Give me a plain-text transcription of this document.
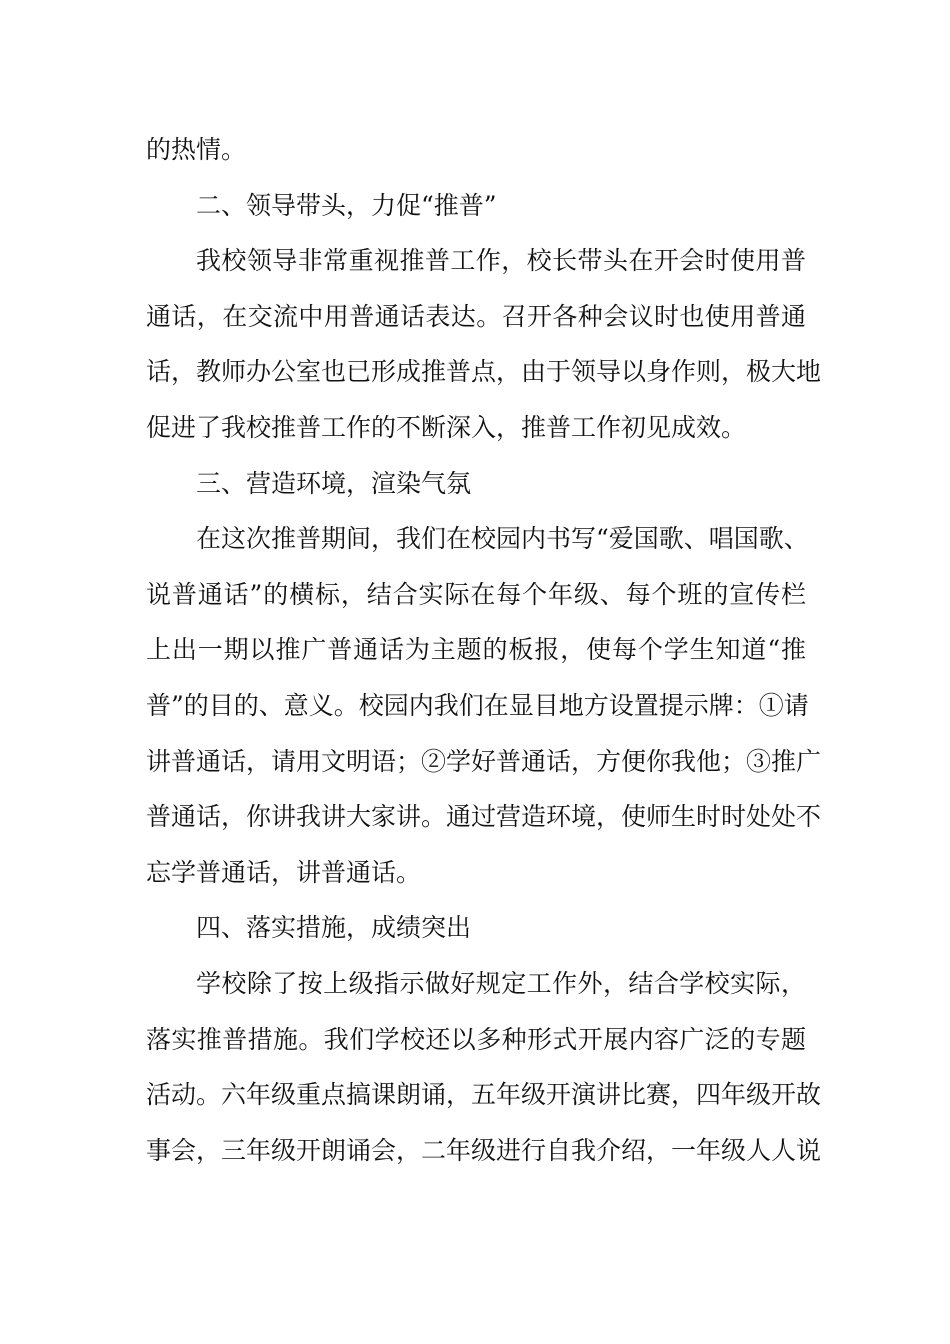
的热情。
二、领导带头，力促“推普”
我校领导非常重视推普工作，校长带头在开会时使用普
通话，在交流中用普通话表达。召开各种会议时也使用普通
话，教师办公室也已形成推普点，由于领导以身作则，极大地
促进了我校推普工作的不断深入，推普工作初见成效。
三、营造环境，渲染气氛
在这次推普期间，我们在校园内书写“爱国歌、唱国歌、
说普通话”的横标，结合实际在每个年级、每个班的宣传栏
上出一期以推广普通话为主题的板报，使每个学生知道“推
普”的目的、意义。校园内我们在显目地方设置提示牌：①请
讲普通话，请用文明语；②学好普通话，方便你我他；③推广
普通话，你讲我讲大家讲。通过营造环境，使师生时时处处不
忘学普通话，讲普通话。
四、落实措施，成绩突出
学校除了按上级指示做好规定工作外，结合学校实际，
落实推普措施。我们学校还以多种形式开展内容广泛的专题
活动。六年级重点搞课朗诵，五年级开演讲比赛，四年级开故
事会，三年级开朗诵会，二年级进行自我介绍，一年级人人说
